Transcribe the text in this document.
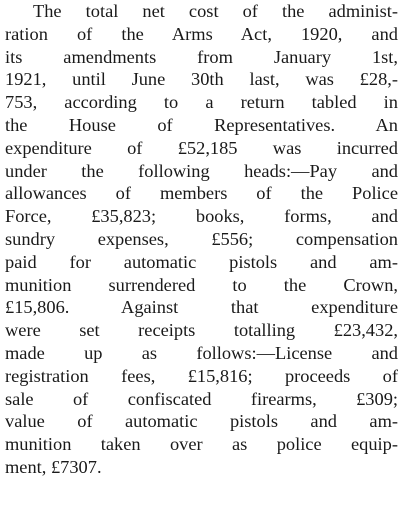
The total net cost of the administ-
ration of the Arms Act, 1920, and
its amendments from January 1st,
1921, until June 30th last, was £28,-
753, according to a return tabled in
the House of Representatives. An
expenditure of £52,185 was incurred
under the following heads:—Pay and
allowances of members of the Police
Force, £35,823; books, forms, and
sundry expenses, £556; compensation
paid for automatic pistols and am-
munition surrendered to the Crown,
£15,806. Against that expenditure
were set receipts totalling £23,432,
made up as follows:—License and
registration fees, £15,816; proceeds of
sale of confiscated firearms, £309;
value of automatic pistols and am-
munition taken over as police equip-
ment, £7307.
